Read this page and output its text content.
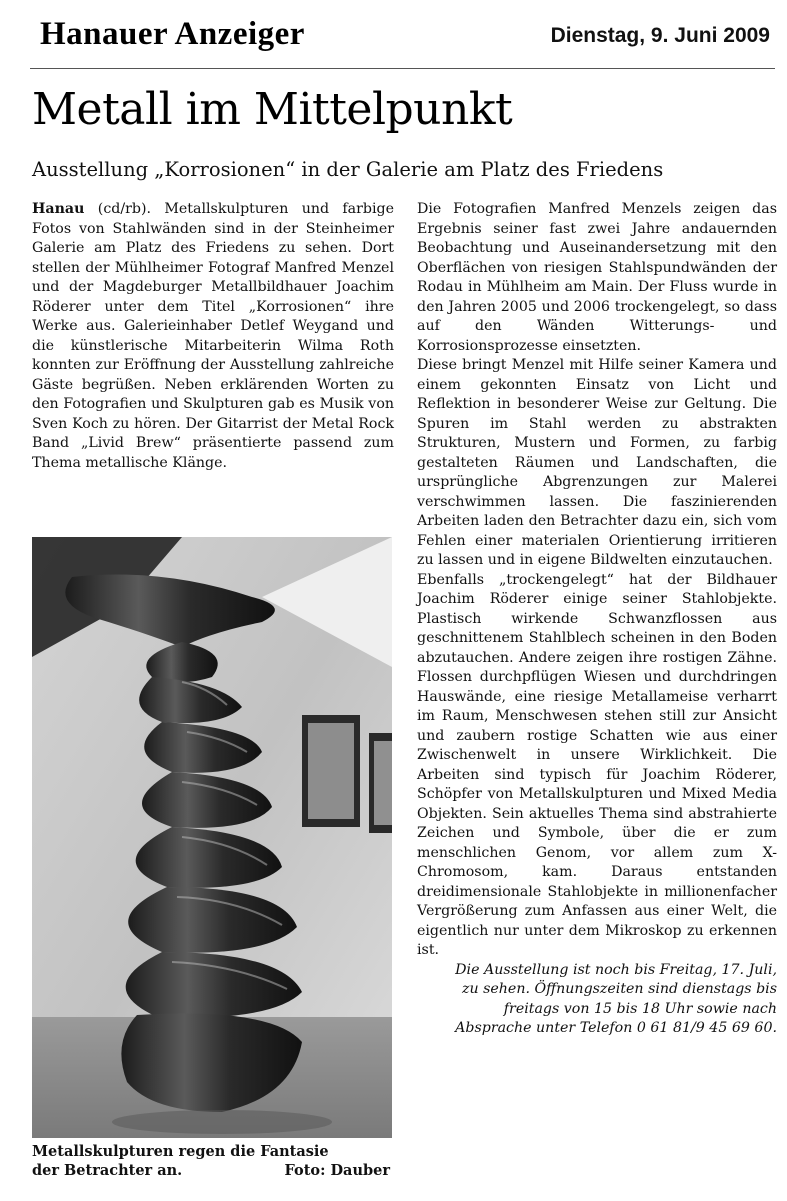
Hanauer Anzeiger	Dienstag, 9. Juni 2009
Metall im Mittelpunkt
Ausstellung „Korrosionen“ in der Galerie am Platz des Friedens

Hanau (cd/rb). Metallskulpturen und farbige Fotos von Stahlwänden sind in der Steinheimer Galerie am Platz des Friedens zu sehen. Dort stellen der Mühlheimer Fotograf Manfred Menzel und der Magdeburger Metallbildhauer Joachim Röderer unter dem Titel „Korrosionen“ ihre Werke aus. Galerieinhaber Detlef Weygand und die künstlerische Mitarbeiterin Wilma Roth konnten zur Eröffnung der Ausstellung zahlreiche Gäste begrüßen. Neben erklärenden Worten zu den Fotografien und Skulpturen gab es Musik von Sven Koch zu hören. Der Gitarrist der Metal Rock Band „Livid Brew“ präsentierte passend zum Thema metallische Klänge.

Metallskulpturen regen die Fantasie
der Betrachter an.	Foto: Dauber

Die Fotografien Manfred Menzels zeigen das Ergebnis seiner fast zwei Jahre andauernden Beobachtung und Auseinandersetzung mit den Oberflächen von riesigen Stahlspundwänden der Rodau in Mühlheim am Main. Der Fluss wurde in den Jahren 2005 und 2006 trockengelegt, so dass auf den Wänden Witterungs- und Korrosionsprozesse einsetzten.

Diese bringt Menzel mit Hilfe seiner Kamera und einem gekonnten Einsatz von Licht und Reflektion in besonderer Weise zur Geltung. Die Spuren im Stahl werden zu abstrakten Strukturen, Mustern und Formen, zu farbig gestalteten Räumen und Landschaften, die ursprüngliche Abgrenzungen zur Malerei verschwimmen lassen. Die faszinierenden Arbeiten laden den Betrachter dazu ein, sich vom Fehlen einer materialen Orientierung irritieren zu lassen und in eigene Bildwelten einzutauchen.

Ebenfalls „trockengelegt“ hat der Bildhauer Joachim Röderer einige seiner Stahlobjekte. Plastisch wirkende Schwanzflossen aus geschnittenem Stahlblech scheinen in den Boden abzutauchen. Andere zeigen ihre rostigen Zähne. Flossen durchpflügen Wiesen und durchdringen Hauswände, eine riesige Metallameise verharrt im Raum, Menschwesen stehen still zur Ansicht und zaubern rostige Schatten wie aus einer Zwischenwelt in unsere Wirklichkeit. Die Arbeiten sind typisch für Joachim Röderer, Schöpfer von Metallskulpturen und Mixed Media Objekten. Sein aktuelles Thema sind abstrahierte Zeichen und Symbole, über die er zum menschlichen Genom, vor allem zum X-Chromosom, kam. Daraus entstanden dreidimensionale Stahlobjekte in millionenfacher Vergrößerung zum Anfassen aus einer Welt, die eigentlich nur unter dem Mikroskop zu erkennen ist.

Die Ausstellung ist noch bis Freitag, 17. Juli, zu sehen. Öffnungszeiten sind dienstags bis freitags von 15 bis 18 Uhr sowie nach Absprache unter Telefon 0 61 81/9 45 69 60.
